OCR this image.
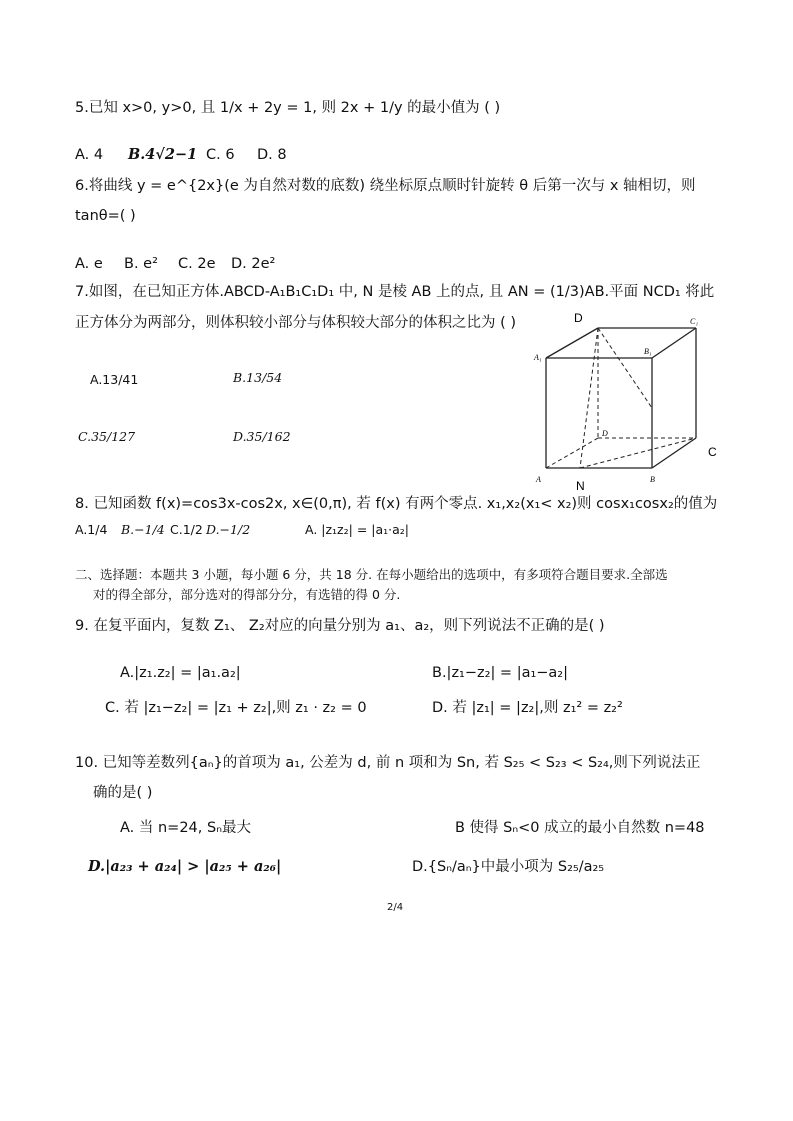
5.已知 x>0, y>0, 且 1/x + 2y = 1, 则 2x + 1/y 的最小值为 ( )
A. 4 B.4√2−1 C. 6 D. 8
6.将曲线 y = e^{2x}(e 为自然对数的底数) 绕坐标原点顺时针旋转 θ 后第一次与 x 轴相切，则
tanθ=( )
A. e B. e² C. 2e D. 2e²
7.如图，在已知正方体.ABCD-A₁B₁C₁D₁ 中, N 是棱 AB 上的点, 且 AN = (1/3)AB.平面 NCD₁ 将此
正方体分为两部分，则体积较小部分与体积较大部分的体积之比为 ( )
A.13/41	B.13/54
C.35/127	D.35/162
D	C₁
A₁
B₁
D
A	B
C
N
8. 已知函数 f(x)=cos3x-cos2x, x∈(0,π), 若 f(x) 有两个零点. x₁,x₂(x₁< x₂)则 cosx₁cosx₂的值为
A.1/4 B.−1/4 C.1/2 D.−1/2	A. |z₁z₂| = |a₁·a₂|
二、选择题：本题共 3 小题，每小题 6 分，共 18 分. 在每小题给出的选项中，有多项符合题目要求.全部选
对的得全部分，部分选对的得部分分，有选错的得 0 分.
9. 在复平面内，复数 Z₁、 Z₂对应的向量分别为 a₁、a₂，则下列说法不正确的是( )
A.|z₁.z₂| = |a₁.a₂|	B.|z₁−z₂| = |a₁−a₂|
C. 若 |z₁−z₂| = |z₁ + z₂|,则 z₁ · z₂ = 0	D. 若 |z₁| = |z₂|,则 z₁² = z₂²
10. 已知等差数列{aₙ}的首项为 a₁, 公差为 d, 前 n 项和为 Sn, 若 S₂₅ < S₂₃ < S₂₄,则下列说法正
确的是( )
A. 当 n=24, Sₙ最大	B 使得 Sₙ<0 成立的最小自然数 n=48
D.|a₂₃ + a₂₄| > |a₂₅ + a₂₆|	D.{Sₙ/aₙ}中最小项为 S₂₅/a₂₅
2/4
